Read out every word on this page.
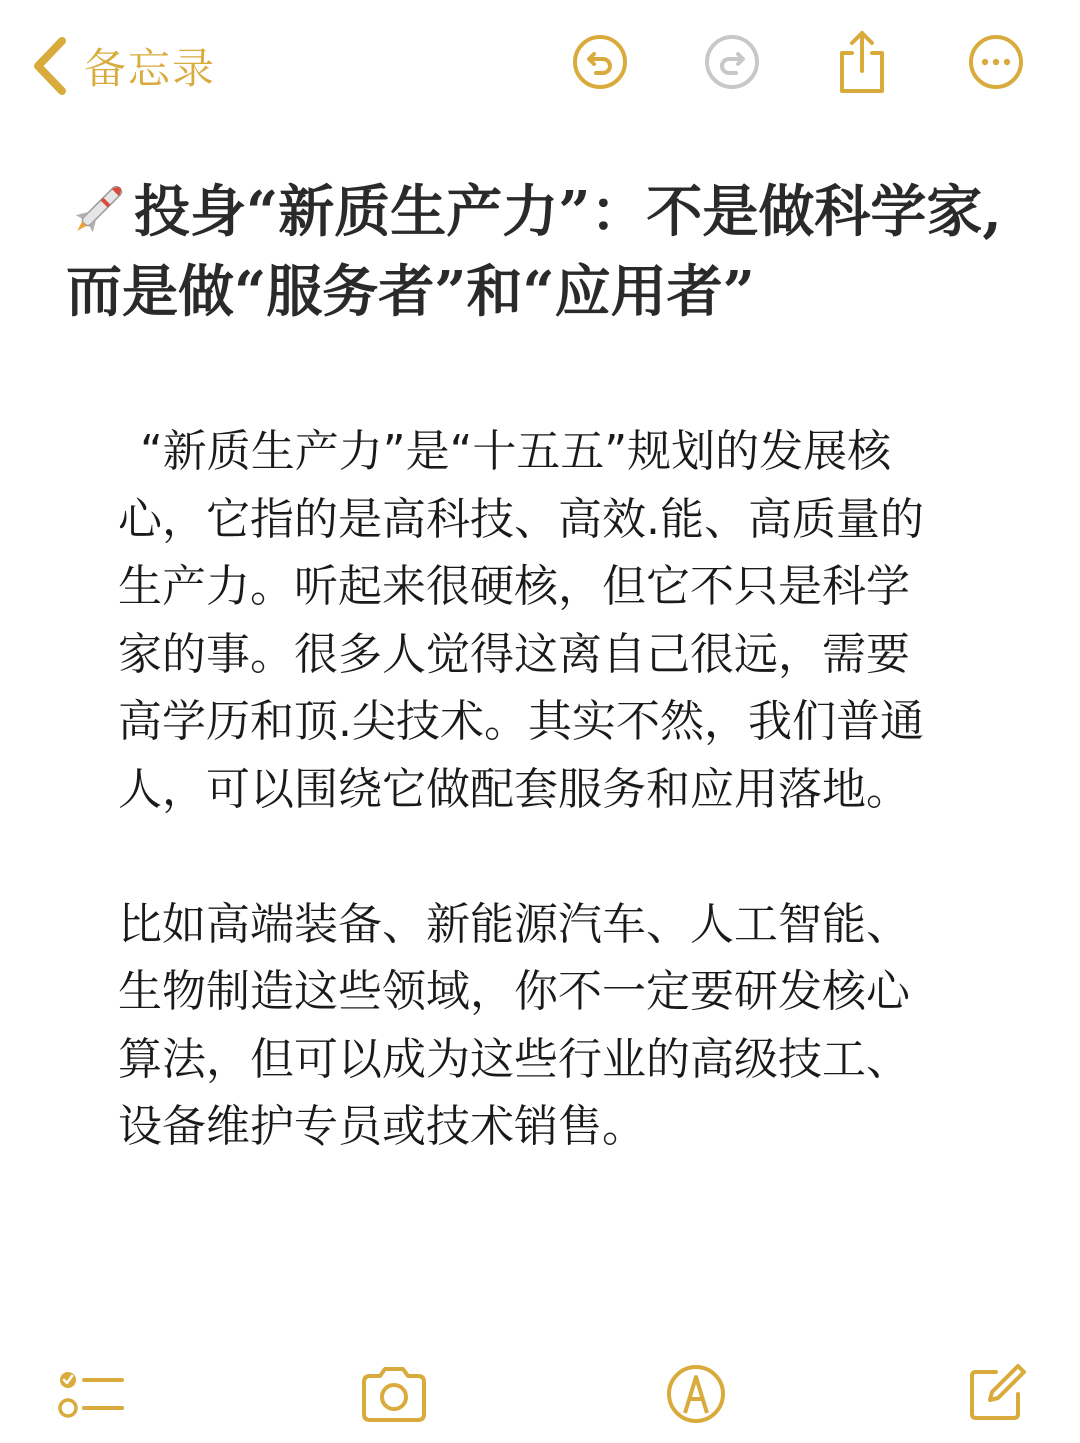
备忘录
投身“新质生产力”：不是做科学家,而是做“服务者”和“应用者”

“新质生产力”是“十五五”规划的发展核心，它指的是高科技、高效.能、高质量的生产力。听起来很硬核，但它不只是科学家的事。很多人觉得这离自己很远，需要高学历和顶.尖技术。其实不然，我们普通人，可以围绕它做配套服务和应用落地。

比如高端装备、新能源汽车、人工智能、生物制造这些领域，你不一定要研发核心算法，但可以成为这些行业的高级技工、设备维护专员或技术销售。
